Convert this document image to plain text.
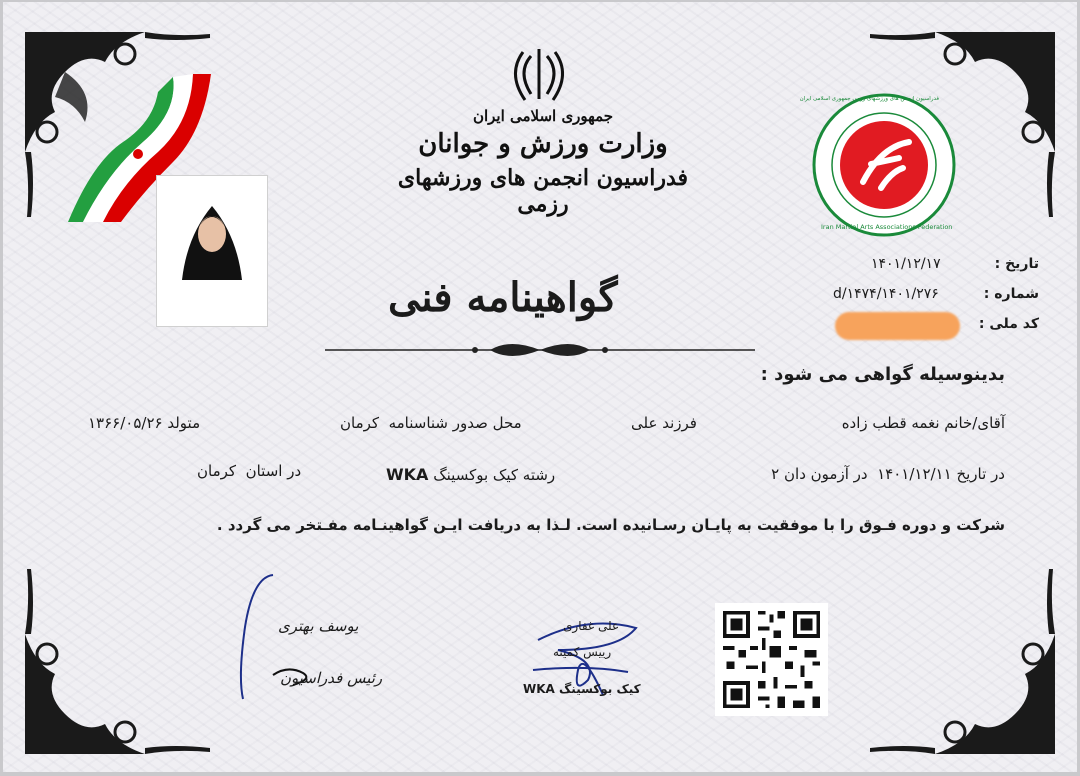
جمهوری اسلامی ایران
وزارت ورزش و جوانان
فدراسیون انجمن های ورزشهای رزمی
فدراسیون انجمن های ورزشهای رزمی جمهوری اسلامی ایران
Iran Martial Arts Associations Federation
تاریخ :
۱۴۰۱/۱۲/۱۷
شماره :
۱۴۰۱/۲۷۶/d/۱۴۷۴
کد ملی :
گواهینامه فنی
بدینوسیله گواهی می شود :
آقای/خانم نغمه قطب زاده
فرزند علی
محل صدور شناسنامه  کرمان
متولد ۱۳۶۶/۰۵/۲۶
در تاریخ ۱۴۰۱/۱۲/۱۱  در آزمون دان ۲
رشته کیک بوکسینگ WKA
در استان  کرمان
شرکت و دوره فـوق را با موفقیت به پایـان رسـانیده است. لـذا به دریافت ایـن گواهینـامه مفـتخر می گردد .
یوسف بهتری
رئیس فدراسیون
علی غفاری
رییس کمیته
کیک بوکسینگ WKA
